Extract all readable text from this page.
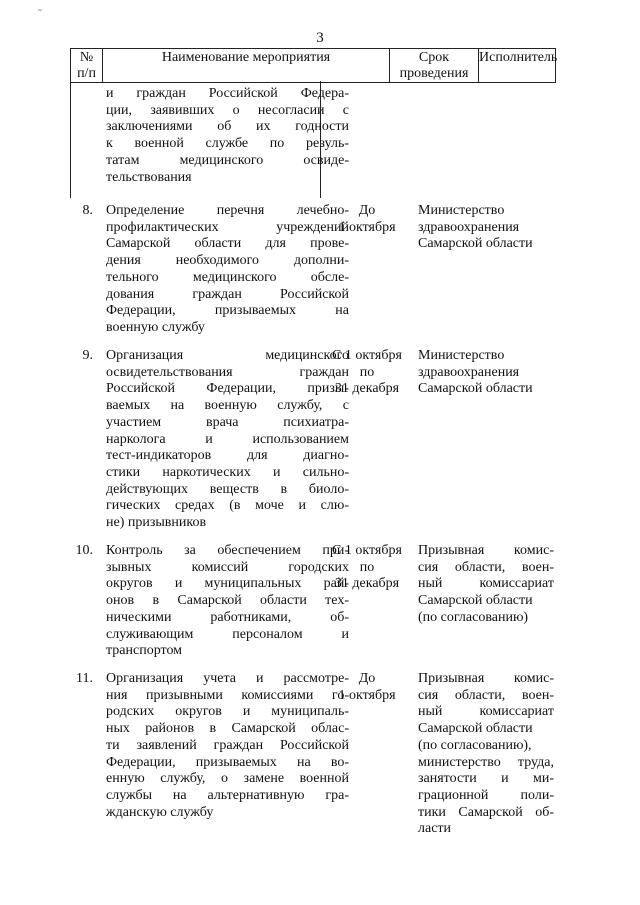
″
3
№
п/п
Наименование мероприятия	Срок
проведения
Исполнитель
и граждан Российской Федера-
ции, заявивших о несогласии с
заключениями об их годности
к военной службе по резуль-
татам медицинского освиде-
тельствования
8. Определение перечня лечебно-
профилактических учреждений
Самарской области для прове-
дения необходимого дополни-
тельного медицинского обсле-
дования граждан Российской
Федерации, призываемых на
военную службу
До
1 октября
Министерство
здравоохранения
Самарской области
9. Организация медицинского
освидетельствования граждан
Российской Федерации, призы-
ваемых на военную службу, с
участием врача психиатра-
нарколога и использованием
тест-индикаторов для диагно-
стики наркотических и сильно-
действующих веществ в биоло-
гических средах (в моче и слю-
не) призывников
С 1 октября
по
31 декабря
Министерство
здравоохранения
Самарской области
10. Контроль за обеспечением при-
зывных комиссий городских
округов и муниципальных рай-
онов в Самарской области тех-
ническими работниками, об-
служивающим персоналом и
транспортом
С 1 октября
по
31 декабря
Призывная комис-
сия области, воен-
ный комиссариат
Самарской области
(по согласованию)
11. Организация учета и рассмотре-
ния призывными комиссиями го-
родских округов и муниципаль-
ных районов в Самарской облас-
ти заявлений граждан Российской
Федерации, призываемых на во-
енную службу, о замене военной
службы на альтернативную гра-
жданскую службу
До
1 октября
Призывная комис-
сия области, воен-
ный комиссариат
Самарской области
(по согласованию),
министерство труда,
занятости и ми-
грационной поли-
тики Самарской об-
ласти
